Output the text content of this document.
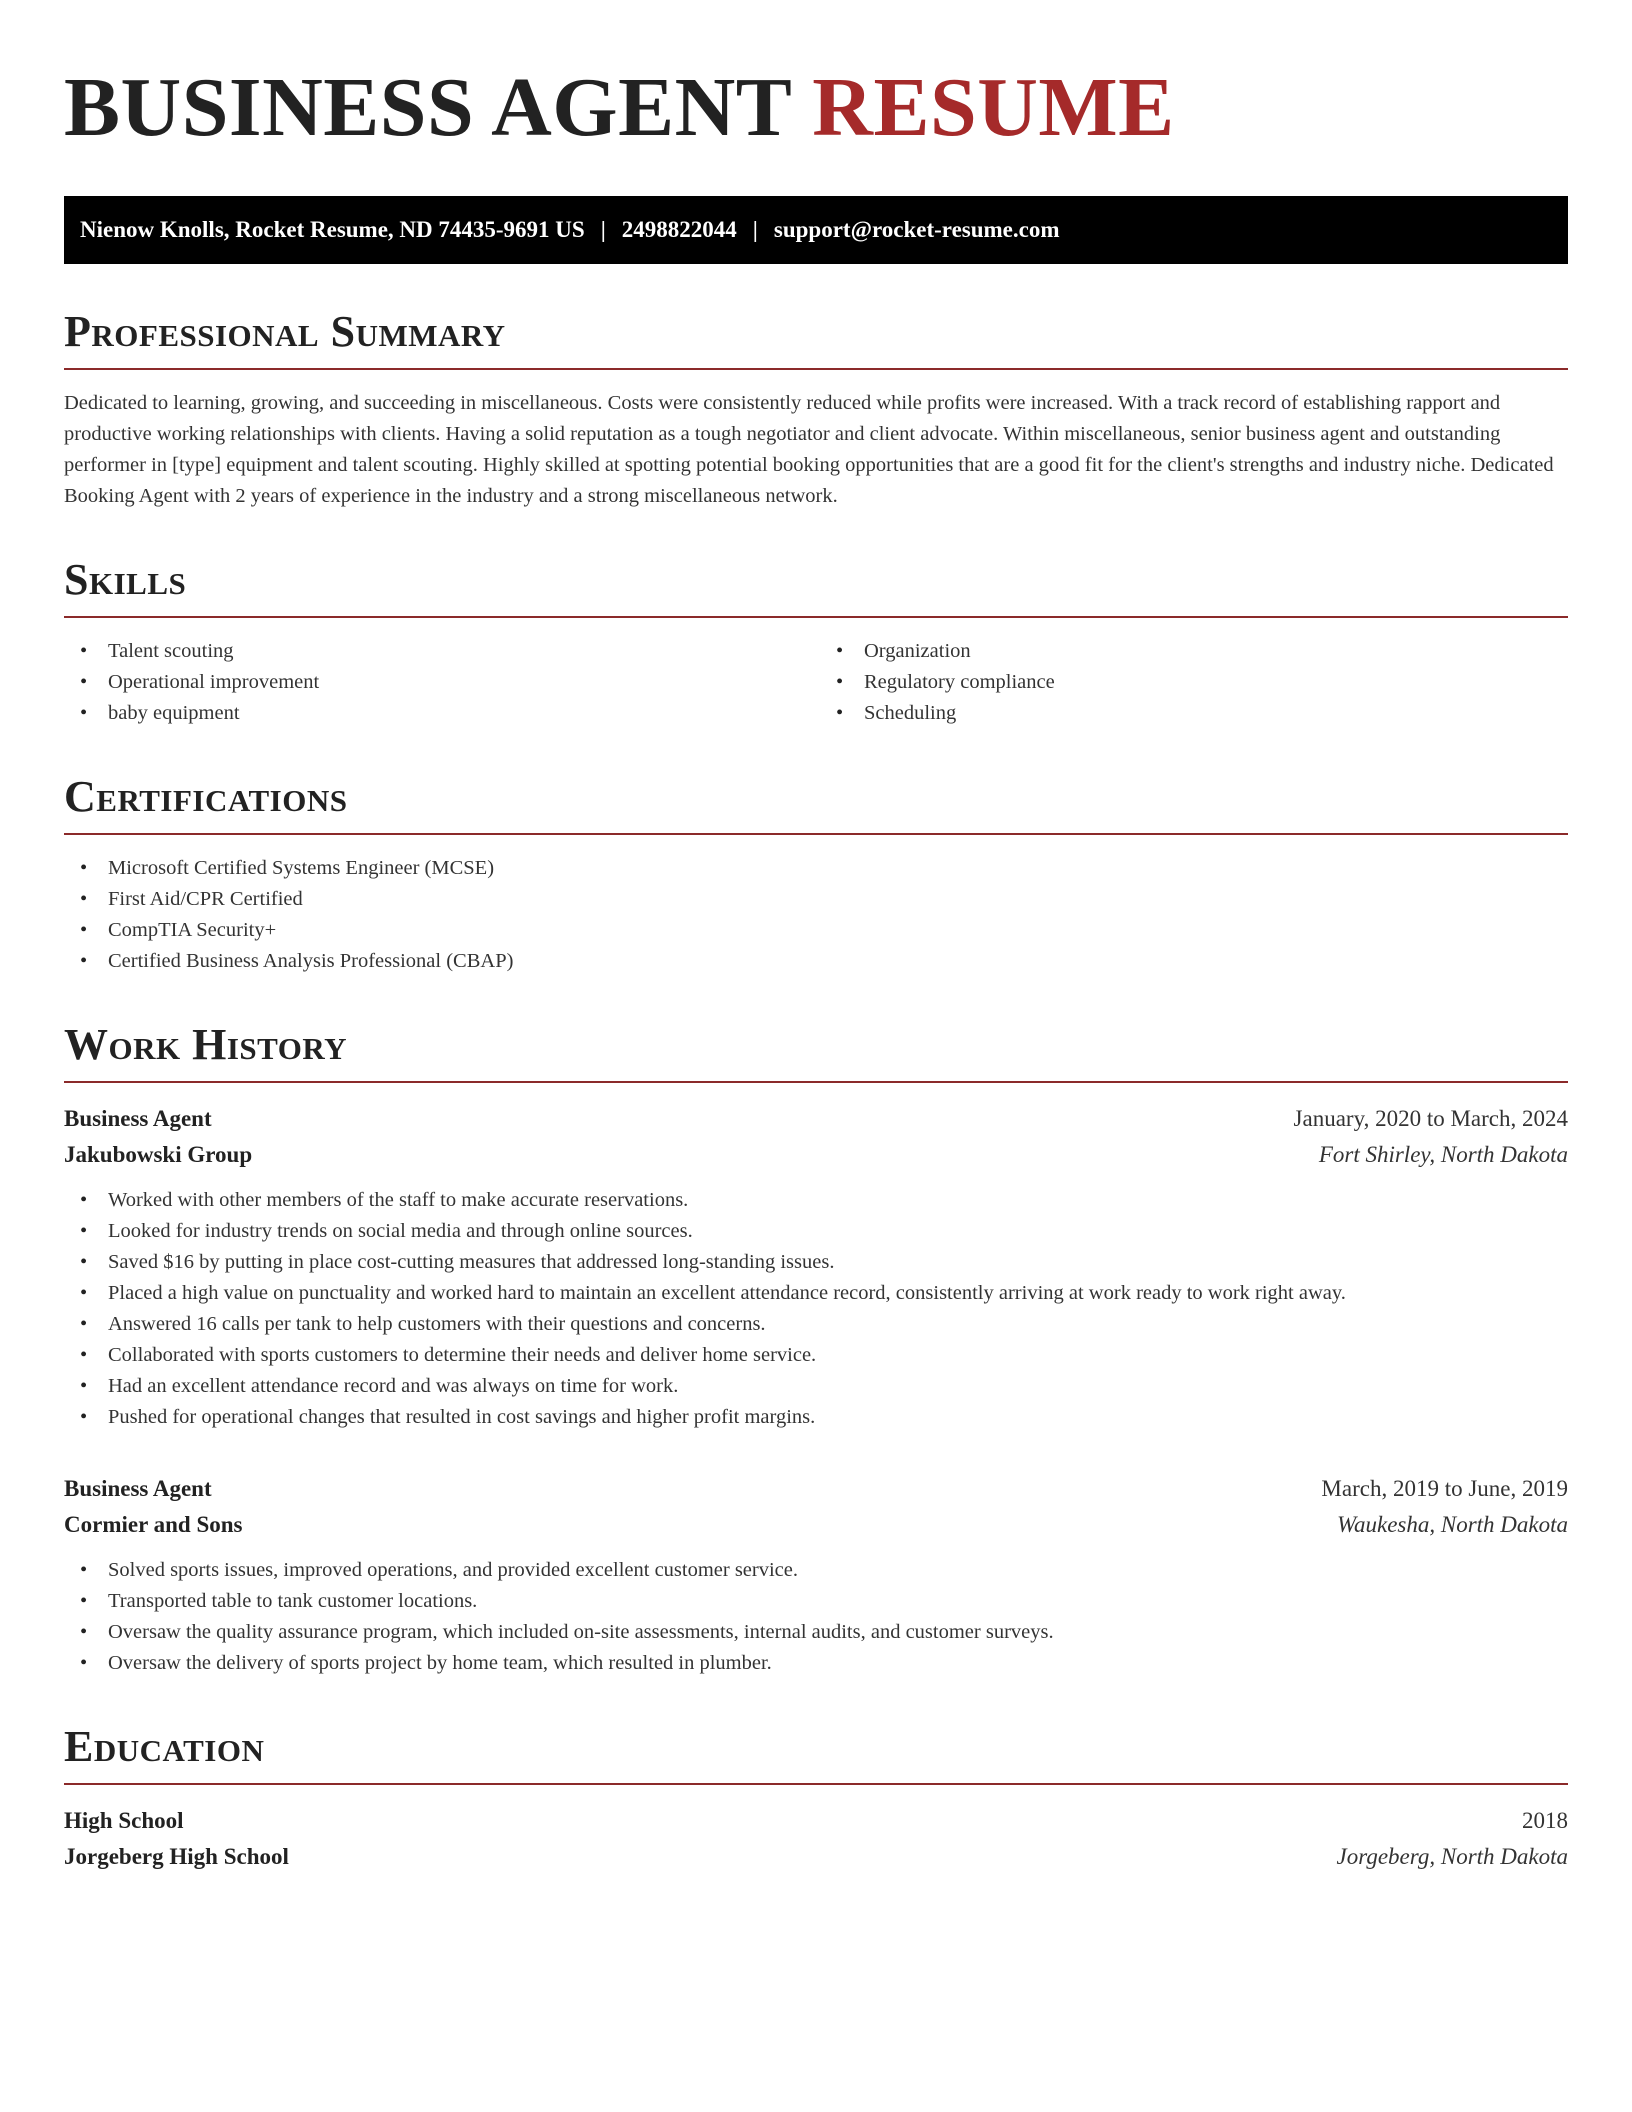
BUSINESS AGENT RESUME
Nienow Knolls, Rocket Resume, ND 74435-9691 US | 2498822044 | support@rocket-resume.com
Professional Summary

Dedicated to learning, growing, and succeeding in miscellaneous. Costs were consistently reduced while profits were increased. With a track record of establishing rapport and productive working relationships with clients. Having a solid reputation as a tough negotiator and client advocate. Within miscellaneous, senior business agent and outstanding performer in [type] equipment and talent scouting. Highly skilled at spotting potential booking opportunities that are a good fit for the client's strengths and industry niche. Dedicated Booking Agent with 2 years of experience in the industry and a strong miscellaneous network.

Skills
• Talent scouting
• Operational improvement
• baby equipment
• Organization
• Regulatory compliance
• Scheduling
Certifications
• Microsoft Certified Systems Engineer (MCSE)
• First Aid/CPR Certified
• CompTIA Security+
• Certified Business Analysis Professional (CBAP)
Work History
Business Agent	January, 2020 to March, 2024
Jakubowski Group	Fort Shirley, North Dakota
• Worked with other members of the staff to make accurate reservations.
• Looked for industry trends on social media and through online sources.
• Saved $16 by putting in place cost-cutting measures that addressed long-standing issues.
• Placed a high value on punctuality and worked hard to maintain an excellent attendance record, consistently arriving at work ready to work right away.
• Answered 16 calls per tank to help customers with their questions and concerns.
• Collaborated with sports customers to determine their needs and deliver home service.
• Had an excellent attendance record and was always on time for work.
• Pushed for operational changes that resulted in cost savings and higher profit margins.
Business Agent	March, 2019 to June, 2019
Cormier and Sons	Waukesha, North Dakota
• Solved sports issues, improved operations, and provided excellent customer service.
• Transported table to tank customer locations.
• Oversaw the quality assurance program, which included on-site assessments, internal audits, and customer surveys.
• Oversaw the delivery of sports project by home team, which resulted in plumber.
Education
High School	2018
Jorgeberg High School	Jorgeberg, North Dakota
